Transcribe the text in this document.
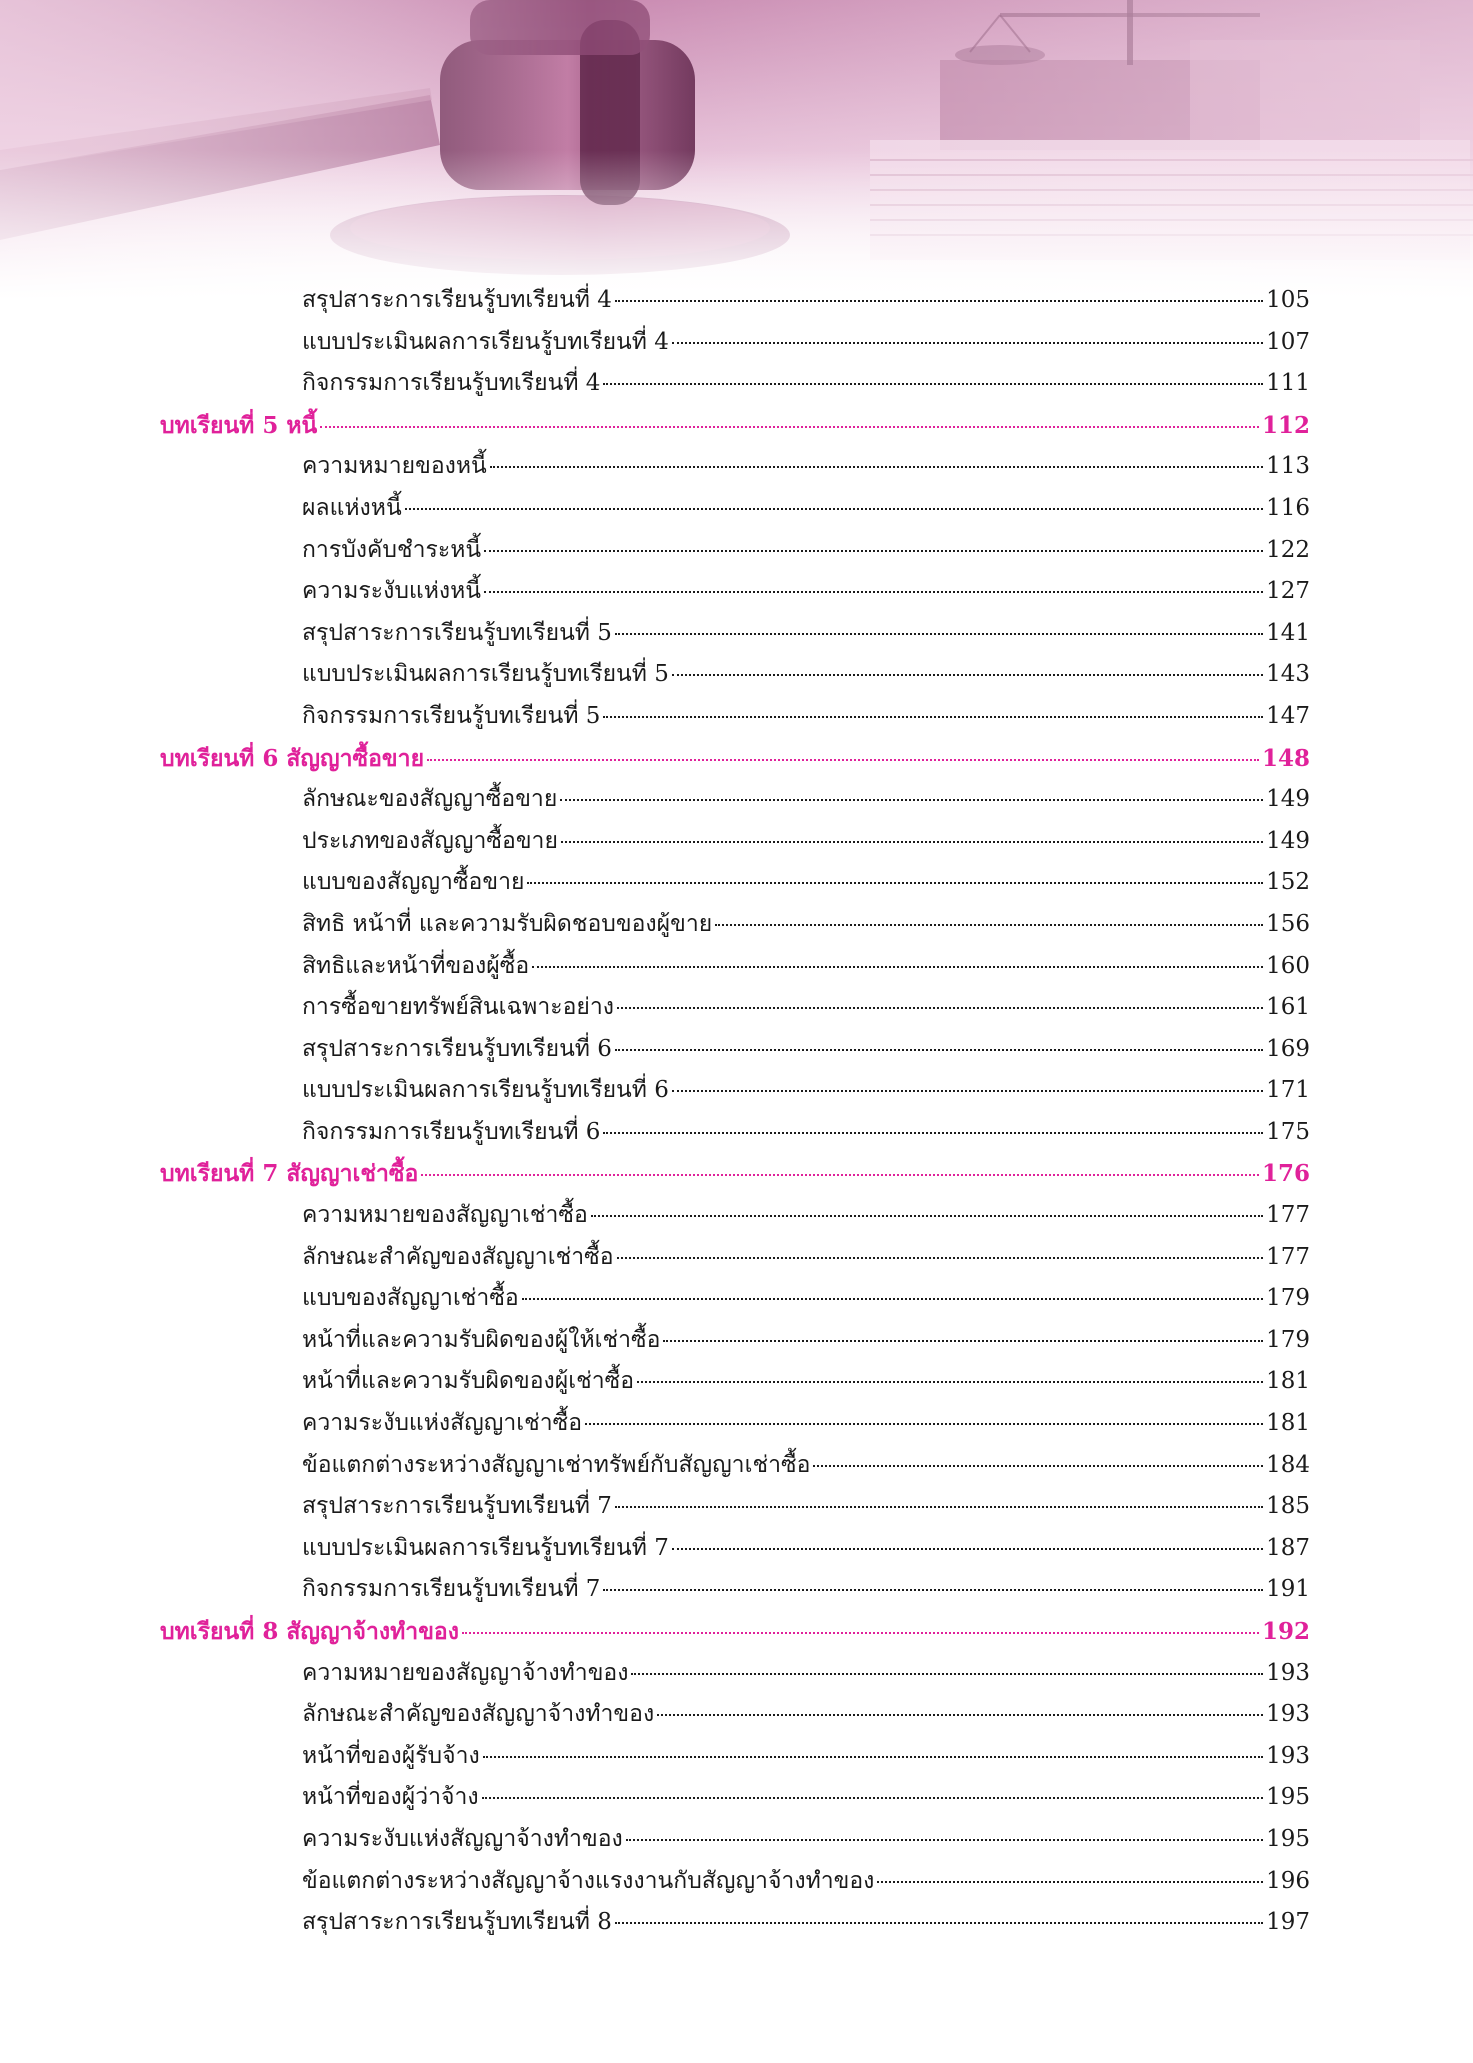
สรุปสาระการเรียนรู้บทเรียนที่ 4	105
แบบประเมินผลการเรียนรู้บทเรียนที่ 4	107
กิจกรรมการเรียนรู้บทเรียนที่ 4	111
บทเรียนที่ 5 หนี้	112
ความหมายของหนี้	113
ผลแห่งหนี้	116
การบังคับชำระหนี้	122
ความระงับแห่งหนี้	127
สรุปสาระการเรียนรู้บทเรียนที่ 5	141
แบบประเมินผลการเรียนรู้บทเรียนที่ 5	143
กิจกรรมการเรียนรู้บทเรียนที่ 5	147
บทเรียนที่ 6 สัญญาซื้อขาย	148
ลักษณะของสัญญาซื้อขาย	149
ประเภทของสัญญาซื้อขาย	149
แบบของสัญญาซื้อขาย	152
สิทธิ หน้าที่ และความรับผิดชอบของผู้ขาย	156
สิทธิและหน้าที่ของผู้ซื้อ	160
การซื้อขายทรัพย์สินเฉพาะอย่าง	161
สรุปสาระการเรียนรู้บทเรียนที่ 6	169
แบบประเมินผลการเรียนรู้บทเรียนที่ 6	171
กิจกรรมการเรียนรู้บทเรียนที่ 6	175
บทเรียนที่ 7 สัญญาเช่าซื้อ	176
ความหมายของสัญญาเช่าซื้อ	177
ลักษณะสำคัญของสัญญาเช่าซื้อ	177
แบบของสัญญาเช่าซื้อ	179
หน้าที่และความรับผิดของผู้ให้เช่าซื้อ	179
หน้าที่และความรับผิดของผู้เช่าซื้อ	181
ความระงับแห่งสัญญาเช่าซื้อ	181
ข้อแตกต่างระหว่างสัญญาเช่าทรัพย์กับสัญญาเช่าซื้อ	184
สรุปสาระการเรียนรู้บทเรียนที่ 7	185
แบบประเมินผลการเรียนรู้บทเรียนที่ 7	187
กิจกรรมการเรียนรู้บทเรียนที่ 7	191
บทเรียนที่ 8 สัญญาจ้างทำของ	192
ความหมายของสัญญาจ้างทำของ	193
ลักษณะสำคัญของสัญญาจ้างทำของ	193
หน้าที่ของผู้รับจ้าง	193
หน้าที่ของผู้ว่าจ้าง	195
ความระงับแห่งสัญญาจ้างทำของ	195
ข้อแตกต่างระหว่างสัญญาจ้างแรงงานกับสัญญาจ้างทำของ	196
สรุปสาระการเรียนรู้บทเรียนที่ 8	197
